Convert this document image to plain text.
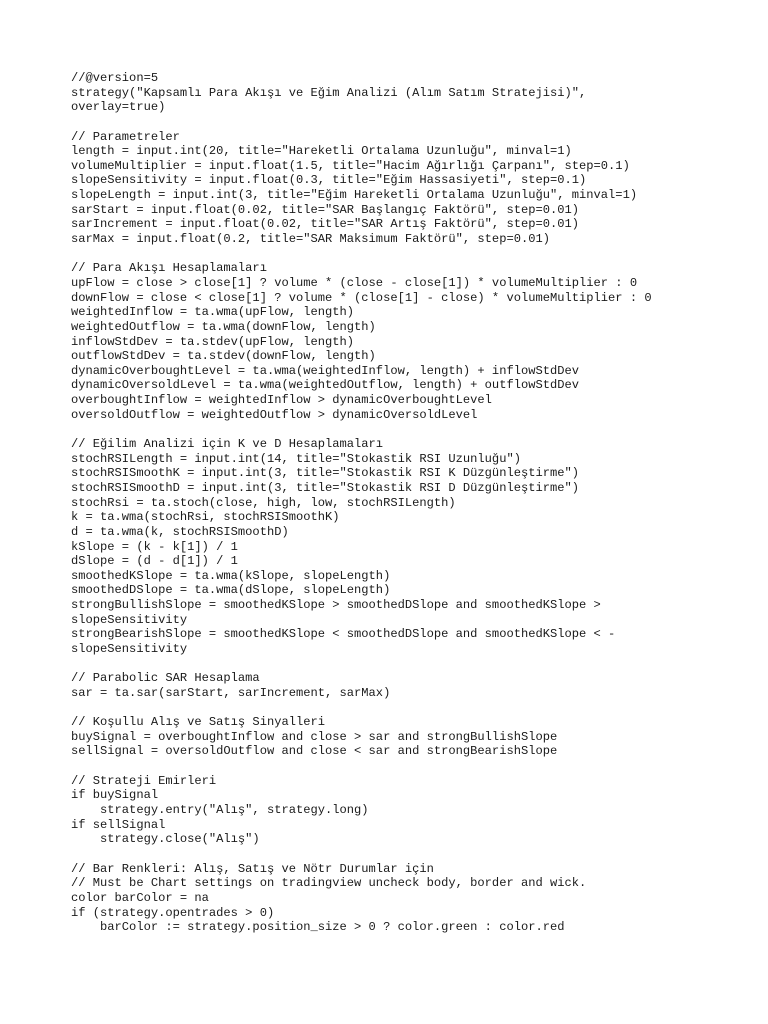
//@version=5
strategy("Kapsamlı Para Akışı ve Eğim Analizi (Alım Satım Stratejisi)",
overlay=true)

// Parametreler
length = input.int(20, title="Hareketli Ortalama Uzunluğu", minval=1)
volumeMultiplier = input.float(1.5, title="Hacim Ağırlığı Çarpanı", step=0.1)
slopeSensitivity = input.float(0.3, title="Eğim Hassasiyeti", step=0.1)
slopeLength = input.int(3, title="Eğim Hareketli Ortalama Uzunluğu", minval=1)
sarStart = input.float(0.02, title="SAR Başlangıç Faktörü", step=0.01)
sarIncrement = input.float(0.02, title="SAR Artış Faktörü", step=0.01)
sarMax = input.float(0.2, title="SAR Maksimum Faktörü", step=0.01)

// Para Akışı Hesaplamaları
upFlow = close > close[1] ? volume * (close - close[1]) * volumeMultiplier : 0
downFlow = close < close[1] ? volume * (close[1] - close) * volumeMultiplier : 0
weightedInflow = ta.wma(upFlow, length)
weightedOutflow = ta.wma(downFlow, length)
inflowStdDev = ta.stdev(upFlow, length)
outflowStdDev = ta.stdev(downFlow, length)
dynamicOverboughtLevel = ta.wma(weightedInflow, length) + inflowStdDev
dynamicOversoldLevel = ta.wma(weightedOutflow, length) + outflowStdDev
overboughtInflow = weightedInflow > dynamicOverboughtLevel
oversoldOutflow = weightedOutflow > dynamicOversoldLevel

// Eğilim Analizi için K ve D Hesaplamaları
stochRSILength = input.int(14, title="Stokastik RSI Uzunluğu")
stochRSISmoothK = input.int(3, title="Stokastik RSI K Düzgünleştirme")
stochRSISmoothD = input.int(3, title="Stokastik RSI D Düzgünleştirme")
stochRsi = ta.stoch(close, high, low, stochRSILength)
k = ta.wma(stochRsi, stochRSISmoothK)
d = ta.wma(k, stochRSISmoothD)
kSlope = (k - k[1]) / 1
dSlope = (d - d[1]) / 1
smoothedKSlope = ta.wma(kSlope, slopeLength)
smoothedDSlope = ta.wma(dSlope, slopeLength)
strongBullishSlope = smoothedKSlope > smoothedDSlope and smoothedKSlope >
slopeSensitivity
strongBearishSlope = smoothedKSlope < smoothedDSlope and smoothedKSlope < -
slopeSensitivity

// Parabolic SAR Hesaplama
sar = ta.sar(sarStart, sarIncrement, sarMax)

// Koşullu Alış ve Satış Sinyalleri
buySignal = overboughtInflow and close > sar and strongBullishSlope
sellSignal = oversoldOutflow and close < sar and strongBearishSlope

// Strateji Emirleri
if buySignal
strategy.entry("Alış", strategy.long)
if sellSignal
strategy.close("Alış")

// Bar Renkleri: Alış, Satış ve Nötr Durumlar için
// Must be Chart settings on tradingview uncheck body, border and wick.
color barColor = na
if (strategy.opentrades > 0)
barColor := strategy.position_size > 0 ? color.green : color.red
